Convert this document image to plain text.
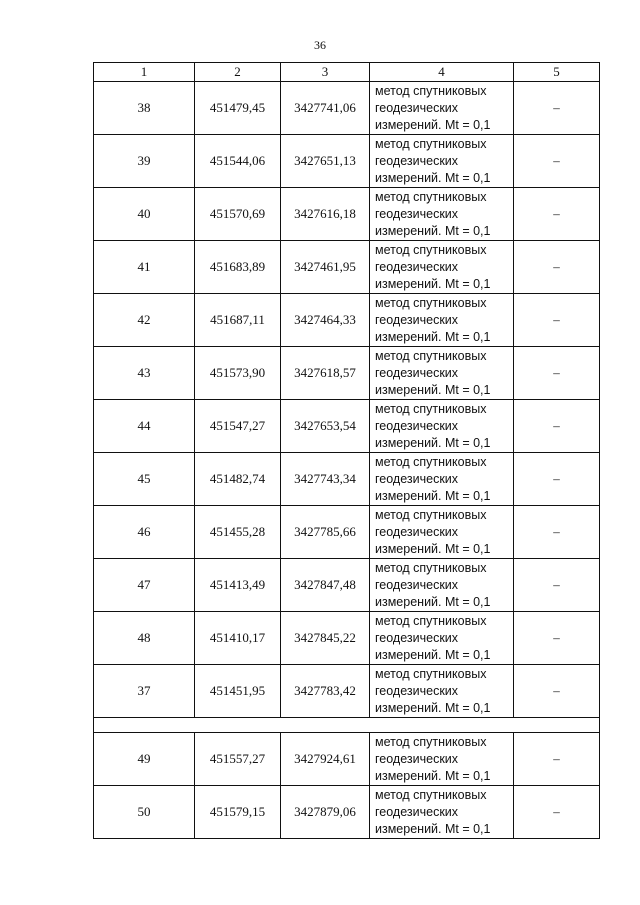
36
1	2	3	4	5
38	451479,45	3427741,06	метод спутниковых
геодезических
измерений. Mt = 0,1	–
39	451544,06	3427651,13	метод спутниковых
геодезических
измерений. Mt = 0,1	–
40	451570,69	3427616,18	метод спутниковых
геодезических
измерений. Mt = 0,1	–
41	451683,89	3427461,95	метод спутниковых
геодезических
измерений. Mt = 0,1	–
42	451687,11	3427464,33	метод спутниковых
геодезических
измерений. Mt = 0,1	–
43	451573,90	3427618,57	метод спутниковых
геодезических
измерений. Mt = 0,1	–
44	451547,27	3427653,54	метод спутниковых
геодезических
измерений. Mt = 0,1	–
45	451482,74	3427743,34	метод спутниковых
геодезических
измерений. Mt = 0,1	–
46	451455,28	3427785,66	метод спутниковых
геодезических
измерений. Mt = 0,1	–
47	451413,49	3427847,48	метод спутниковых
геодезических
измерений. Mt = 0,1	–
48	451410,17	3427845,22	метод спутниковых
геодезических
измерений. Mt = 0,1	–
37	451451,95	3427783,42	метод спутниковых
геодезических
измерений. Mt = 0,1	–

49	451557,27	3427924,61	метод спутниковых
геодезических
измерений. Mt = 0,1	–
50	451579,15	3427879,06	метод спутниковых
геодезических
измерений. Mt = 0,1	–
